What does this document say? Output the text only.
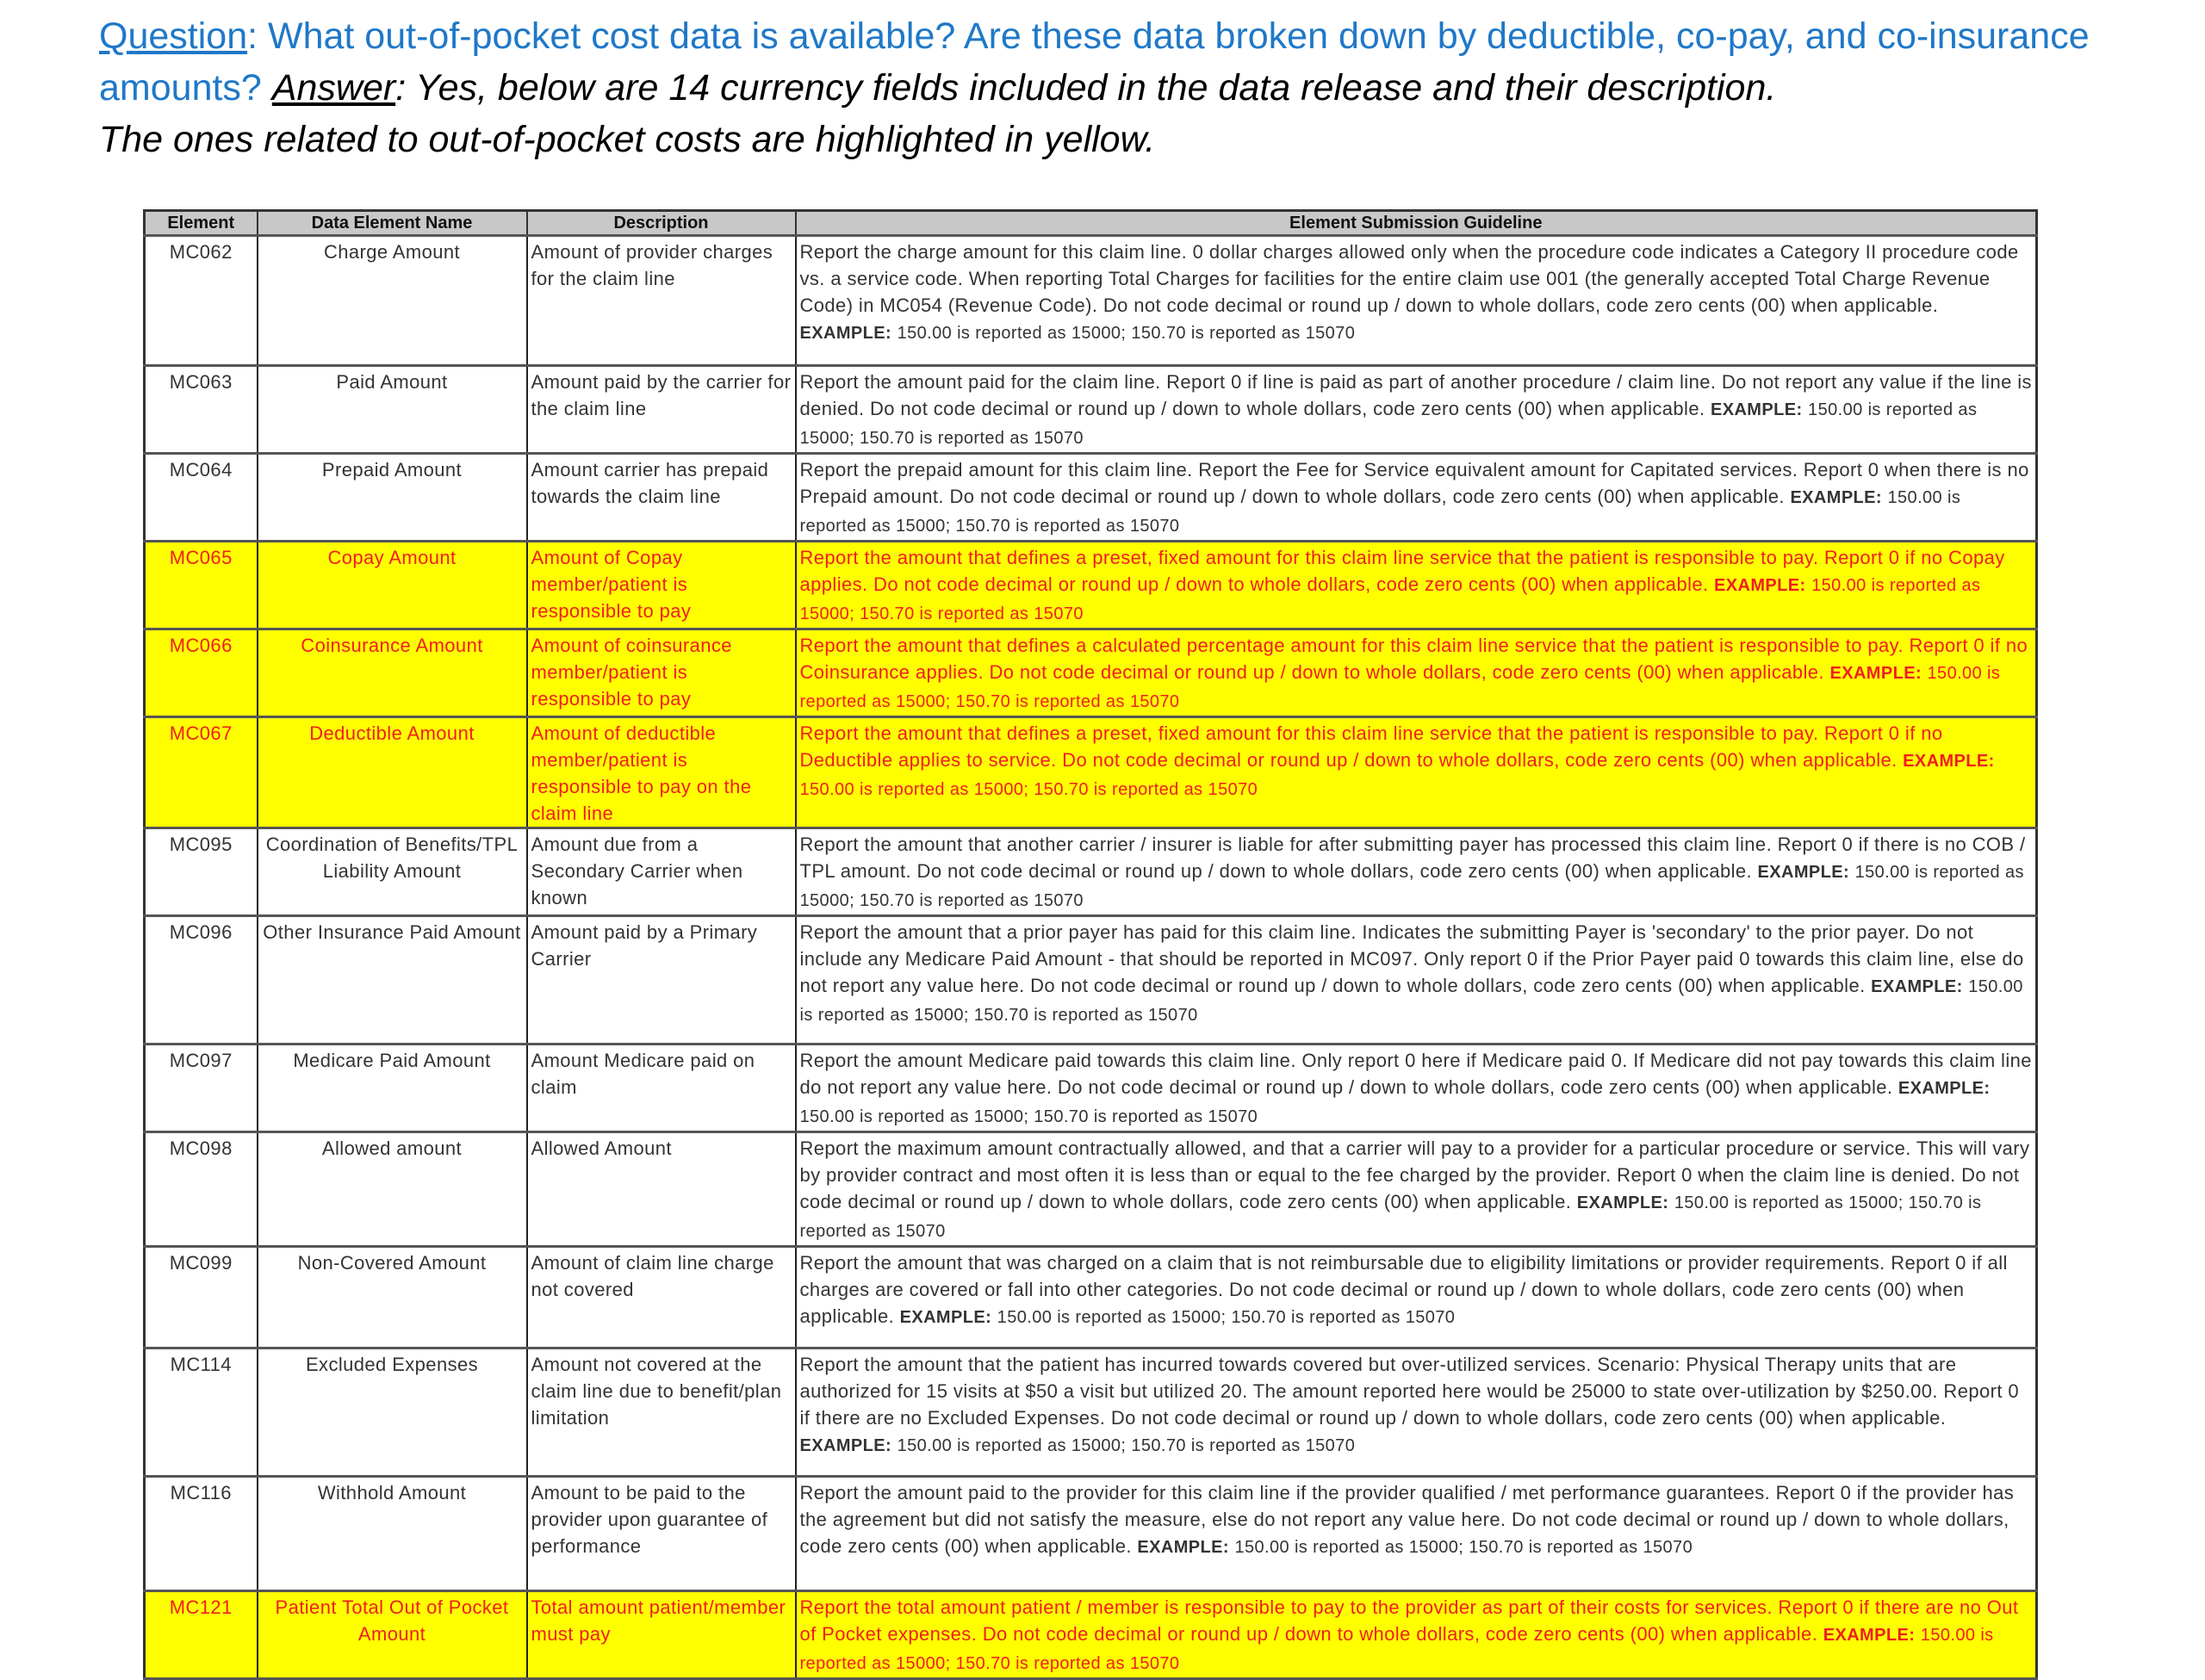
Question: What out-of-pocket cost data is available? Are these data broken down by deductible, co-pay, and co-insurance amounts? Answer: Yes, below are 14 currency fields included in the data release and their description.
The ones related to out-of-pocket costs are highlighted in yellow.
Element	Data Element Name	Description	Element Submission Guideline
MC062	Charge Amount	Amount of provider charges for the claim line	Report the charge amount for this claim line. 0 dollar charges allowed only when the procedure code indicates a Category II procedure code vs. a service code. When reporting Total Charges for facilities for the entire claim use 001 (the generally accepted Total Charge Revenue Code) in MC054 (Revenue Code). Do not code decimal or round up / down to whole dollars, code zero cents (00) when applicable. EXAMPLE: 150.00 is reported as 15000; 150.70 is reported as 15070
MC063	Paid Amount	Amount paid by the carrier for the claim line	Report the amount paid for the claim line. Report 0 if line is paid as part of another procedure / claim line. Do not report any value if the line is denied. Do not code decimal or round up / down to whole dollars, code zero cents (00) when applicable. EXAMPLE: 150.00 is reported as 15000; 150.70 is reported as 15070
MC064	Prepaid Amount	Amount carrier has prepaid towards the claim line	Report the prepaid amount for this claim line. Report the Fee for Service equivalent amount for Capitated services. Report 0 when there is no Prepaid amount. Do not code decimal or round up / down to whole dollars, code zero cents (00) when applicable. EXAMPLE: 150.00 is reported as 15000; 150.70 is reported as 15070
MC065	Copay Amount	Amount of Copay member/patient is responsible to pay	Report the amount that defines a preset, fixed amount for this claim line service that the patient is responsible to pay. Report 0 if no Copay applies. Do not code decimal or round up / down to whole dollars, code zero cents (00) when applicable. EXAMPLE: 150.00 is reported as 15000; 150.70 is reported as 15070
MC066	Coinsurance Amount	Amount of coinsurance member/patient is responsible to pay	Report the amount that defines a calculated percentage amount for this claim line service that the patient is responsible to pay. Report 0 if no Coinsurance applies. Do not code decimal or round up / down to whole dollars, code zero cents (00) when applicable. EXAMPLE: 150.00 is reported as 15000; 150.70 is reported as 15070
MC067	Deductible Amount	Amount of deductible member/patient is responsible to pay on the claim line	Report the amount that defines a preset, fixed amount for this claim line service that the patient is responsible to pay. Report 0 if no Deductible applies to service. Do not code decimal or round up / down to whole dollars, code zero cents (00) when applicable. EXAMPLE: 150.00 is reported as 15000; 150.70 is reported as 15070
MC095	Coordination of Benefits/TPL Liability Amount	Amount due from a Secondary Carrier when known	Report the amount that another carrier / insurer is liable for after submitting payer has processed this claim line. Report 0 if there is no COB / TPL amount. Do not code decimal or round up / down to whole dollars, code zero cents (00) when applicable. EXAMPLE: 150.00 is reported as 15000; 150.70 is reported as 15070
MC096	Other Insurance Paid Amount	Amount paid by a Primary Carrier	Report the amount that a prior payer has paid for this claim line. Indicates the submitting Payer is 'secondary' to the prior payer. Do not include any Medicare Paid Amount - that should be reported in MC097. Only report 0 if the Prior Payer paid 0 towards this claim line, else do not report any value here. Do not code decimal or round up / down to whole dollars, code zero cents (00) when applicable. EXAMPLE: 150.00 is reported as 15000; 150.70 is reported as 15070
MC097	Medicare Paid Amount	Amount Medicare paid on claim	Report the amount Medicare paid towards this claim line. Only report 0 here if Medicare paid 0. If Medicare did not pay towards this claim line do not report any value here. Do not code decimal or round up / down to whole dollars, code zero cents (00) when applicable. EXAMPLE: 150.00 is reported as 15000; 150.70 is reported as 15070
MC098	Allowed amount	Allowed Amount	Report the maximum amount contractually allowed, and that a carrier will pay to a provider for a particular procedure or service. This will vary by provider contract and most often it is less than or equal to the fee charged by the provider. Report 0 when the claim line is denied. Do not code decimal or round up / down to whole dollars, code zero cents (00) when applicable. EXAMPLE: 150.00 is reported as 15000; 150.70 is reported as 15070
MC099	Non-Covered Amount	Amount of claim line charge not covered	Report the amount that was charged on a claim that is not reimbursable due to eligibility limitations or provider requirements. Report 0 if all charges are covered or fall into other categories. Do not code decimal or round up / down to whole dollars, code zero cents (00) when applicable. EXAMPLE: 150.00 is reported as 15000; 150.70 is reported as 15070
MC114	Excluded Expenses	Amount not covered at the claim line due to benefit/plan limitation	Report the amount that the patient has incurred towards covered but over-utilized services. Scenario: Physical Therapy units that are authorized for 15 visits at $50 a visit but utilized 20. The amount reported here would be 25000 to state over-utilization by $250.00. Report 0 if there are no Excluded Expenses. Do not code decimal or round up / down to whole dollars, code zero cents (00) when applicable. EXAMPLE: 150.00 is reported as 15000; 150.70 is reported as 15070
MC116	Withhold Amount	Amount to be paid to the provider upon guarantee of performance	Report the amount paid to the provider for this claim line if the provider qualified / met performance guarantees. Report 0 if the provider has the agreement but did not satisfy the measure, else do not report any value here. Do not code decimal or round up / down to whole dollars, code zero cents (00) when applicable. EXAMPLE: 150.00 is reported as 15000; 150.70 is reported as 15070
MC121	Patient Total Out of Pocket Amount	Total amount patient/member must pay	Report the total amount patient / member is responsible to pay to the provider as part of their costs for services. Report 0 if there are no Out of Pocket expenses. Do not code decimal or round up / down to whole dollars, code zero cents (00) when applicable. EXAMPLE: 150.00 is reported as 15000; 150.70 is reported as 15070
